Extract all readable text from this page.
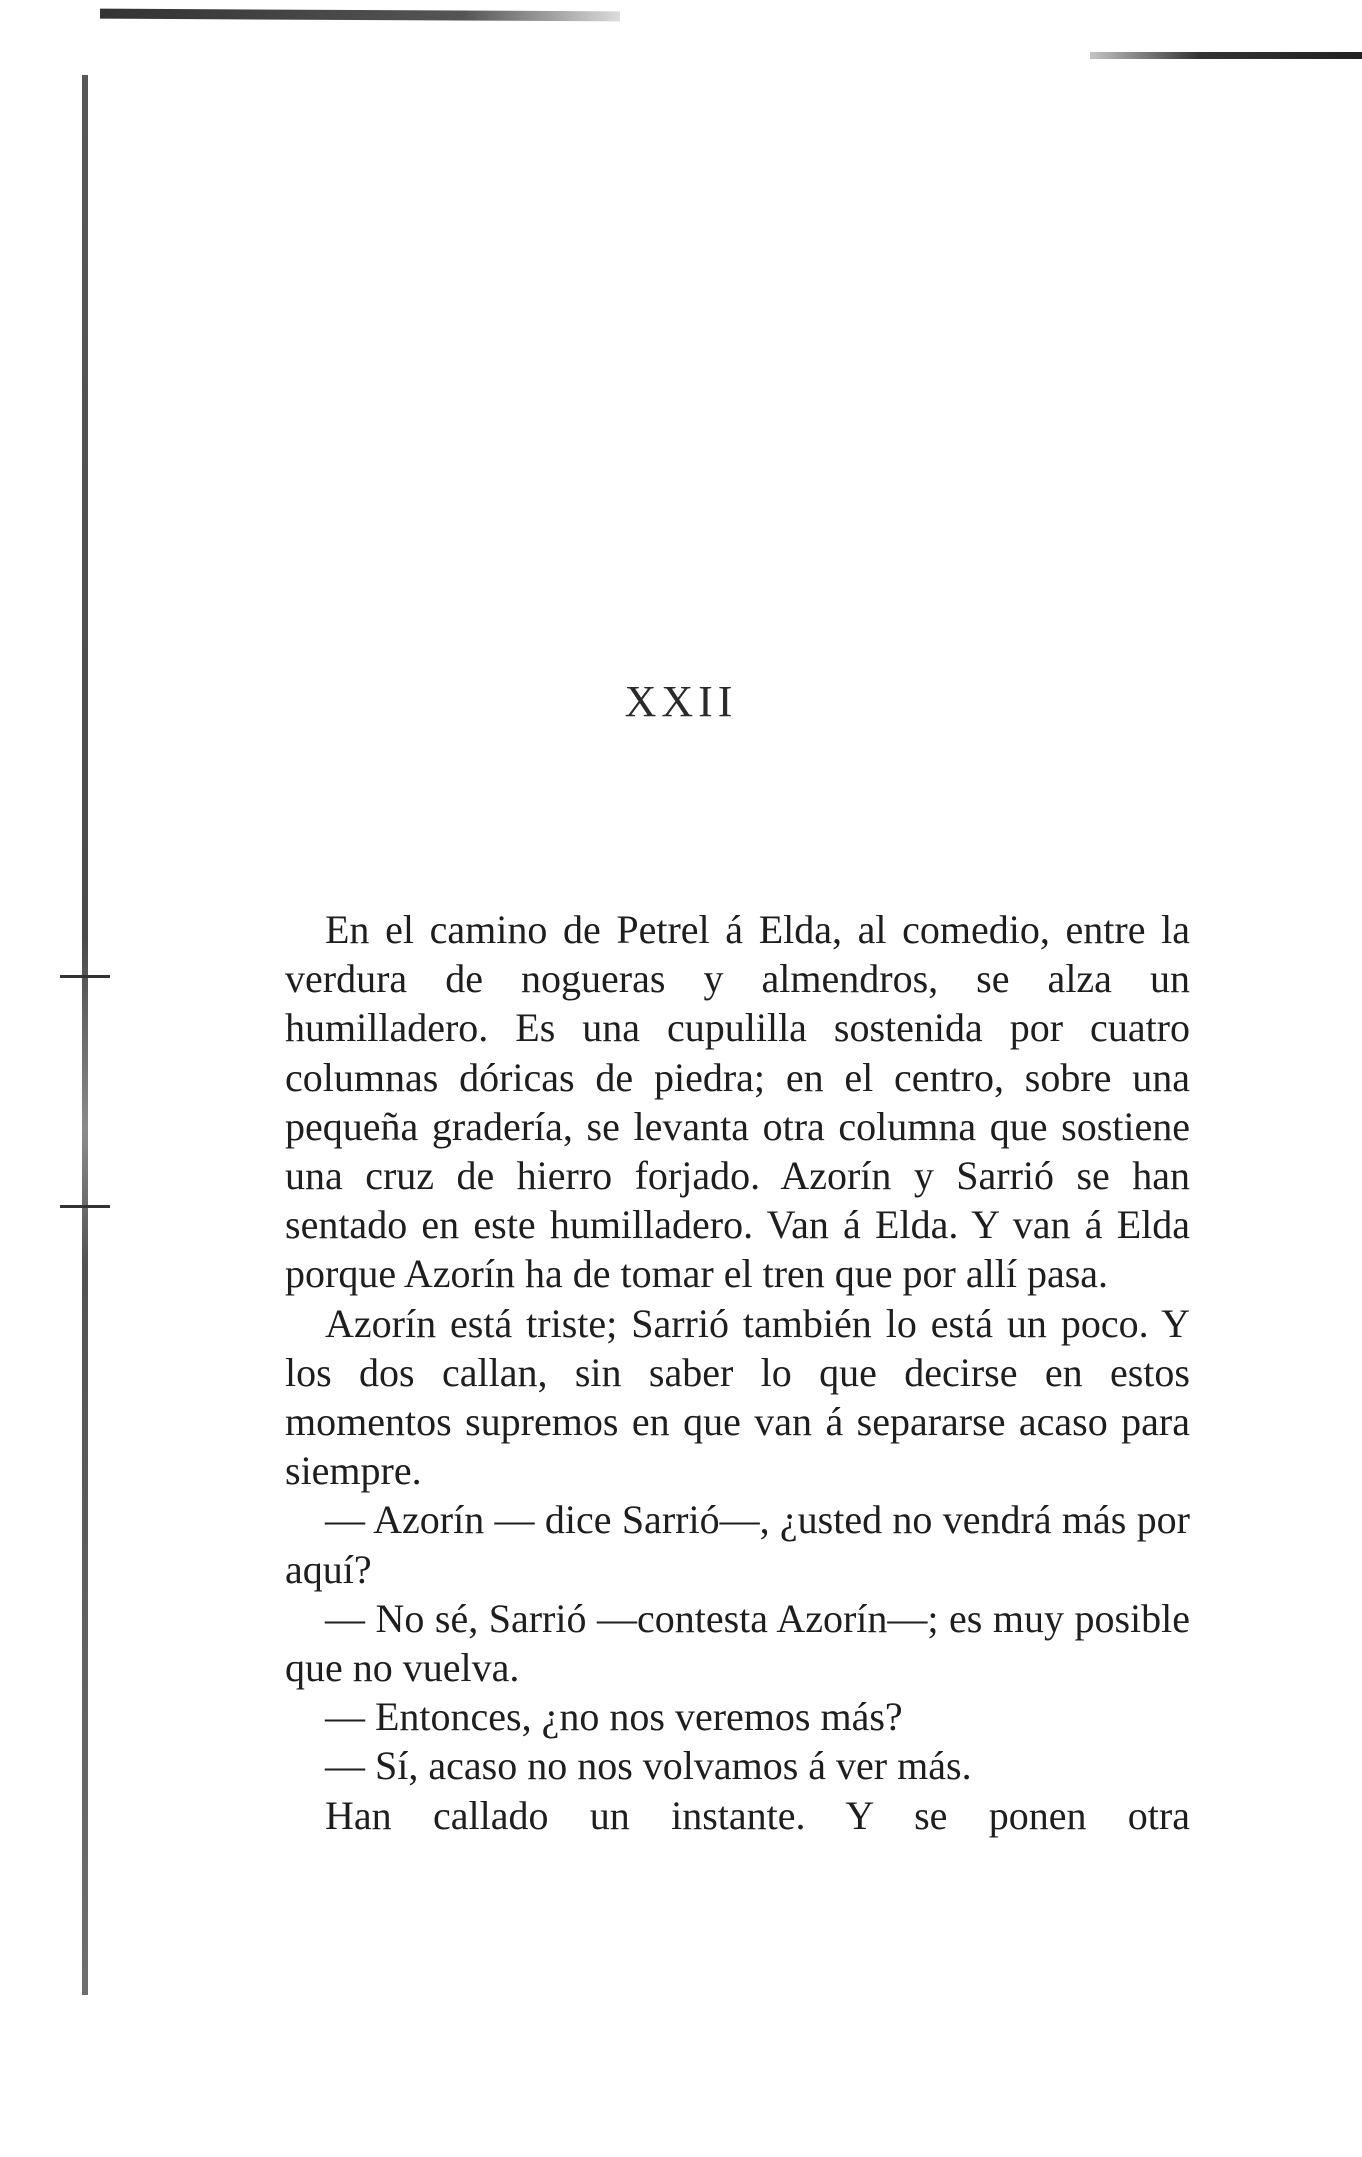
XXII

En el camino de Petrel á Elda, al comedio, entre la verdura de nogueras y almendros, se alza un humilladero. Es una cupulilla sostenida por cuatro columnas dóricas de piedra; en el centro, sobre una pequeña gradería, se levanta otra columna que sostiene una cruz de hierro forjado. Azorín y Sarrió se han sentado en este humilladero. Van á Elda. Y van á Elda porque Azorín ha de tomar el tren que por allí pasa.

Azorín está triste; Sarrió también lo está un poco. Y los dos callan, sin saber lo que decirse en estos momentos supremos en que van á separarse acaso para siempre.

— Azorín — dice Sarrió—, ¿usted no vendrá más por aquí?

— No sé, Sarrió —contesta Azorín—; es muy posible que no vuelva.

— Entonces, ¿no nos veremos más?

— Sí, acaso no nos volvamos á ver más.

Han callado un instante. Y se ponen otra
